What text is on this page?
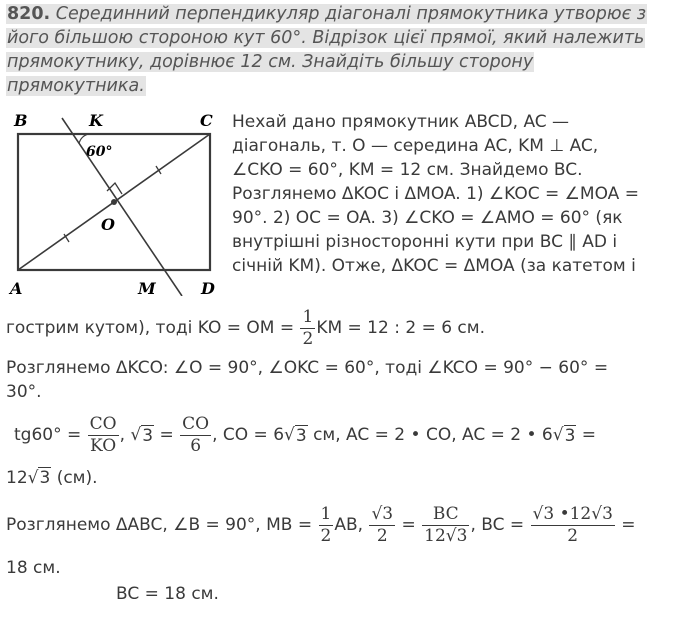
820. Серединний перпендикуляр діагоналі прямокутника утворює з
його більшою стороною кут 60°. Відрізок цієї прямої, який належить
прямокутнику, дорівнює 12 см. Знайдіть більшу сторону
прямокутника.
B	K	C
A	M	D
O
60°
Нехай дано прямокутник ABCD, AC —
діагональ, т. O — середина AC, KM ⊥ AC,
∠CKO = 60°, KM = 12 см. Знайдемо BC.
Розглянемо ΔKOC і ΔMOA. 1) ∠KOC = ∠MOA =
90°. 2) OC = OA. 3) ∠CKO = ∠AMO = 60° (як
внутрішні різносторонні кути при BC ∥ AD і
січній KM). Отже, ΔKOC = ΔMOA (за катетом і
гострим кутом), тоді KO = OM = $\frac{1}{2}$ KM = 12 : 2 = 6 см.
Розглянемо ΔKCO: ∠O = 90°, ∠OKC = 60°, тоді ∠KCO = 90° − 60° =
30°.
$tg60^\circ = \frac{CO}{KO}$ , √ $3 = \frac{CO}{6}$ , CO = 6√ 3 см, AC = 2 • CO, AC = 2 • 6√ 3 =
12√3 (см).
Розглянемо ΔABC, ∠B = 90°, MB = $\frac{1}{2}$ AB, $\frac{√3}{2} = \frac{BC}{12√3}$ , BC = $\frac{√3 •12√3}{2}$ =
18 см.
BC = 18 см.
